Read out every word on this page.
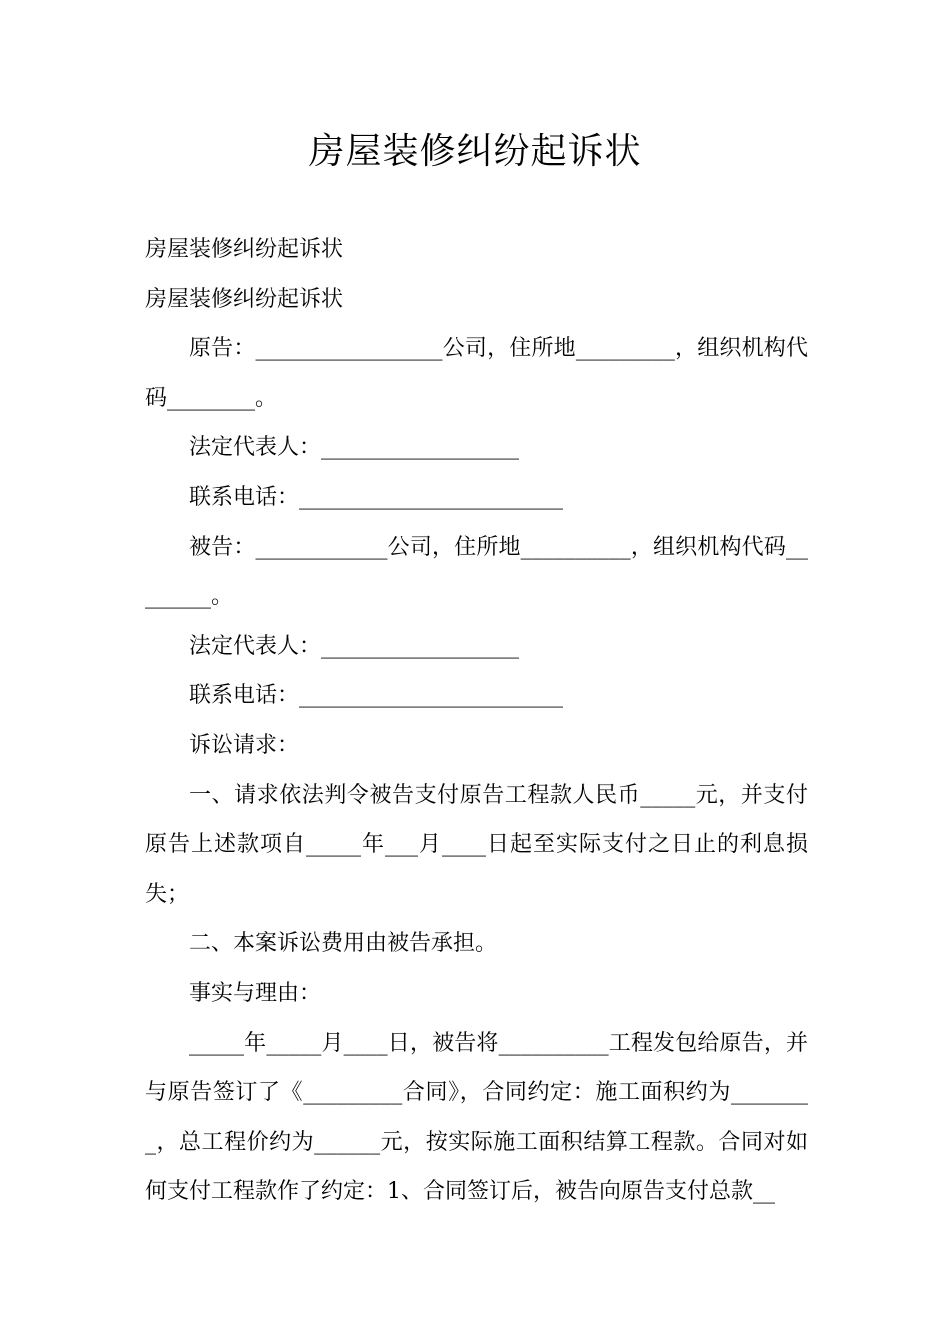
房屋装修纠纷起诉状

房屋装修纠纷起诉状

房屋装修纠纷起诉状

原告：_________________公司，住所地_________，组织机构代码________。

法定代表人：__________________

联系电话：________________________

被告：____________公司，住所地__________，组织机构代码________。

法定代表人：__________________

联系电话：________________________

诉讼请求：

一、请求依法判令被告支付原告工程款人民币_____元，并支付原告上述款项自_____年___月____日起至实际支付之日止的利息损失；

二、本案诉讼费用由被告承担。

事实与理由：

_____年_____月____日，被告将__________工程发包给原告，并与原告签订了《_________合同》，合同约定：施工面积约为________，总工程价约为______元，按实际施工面积结算工程款。合同对如何支付工程款作了约定：1、合同签订后，被告向原告支付总款__
